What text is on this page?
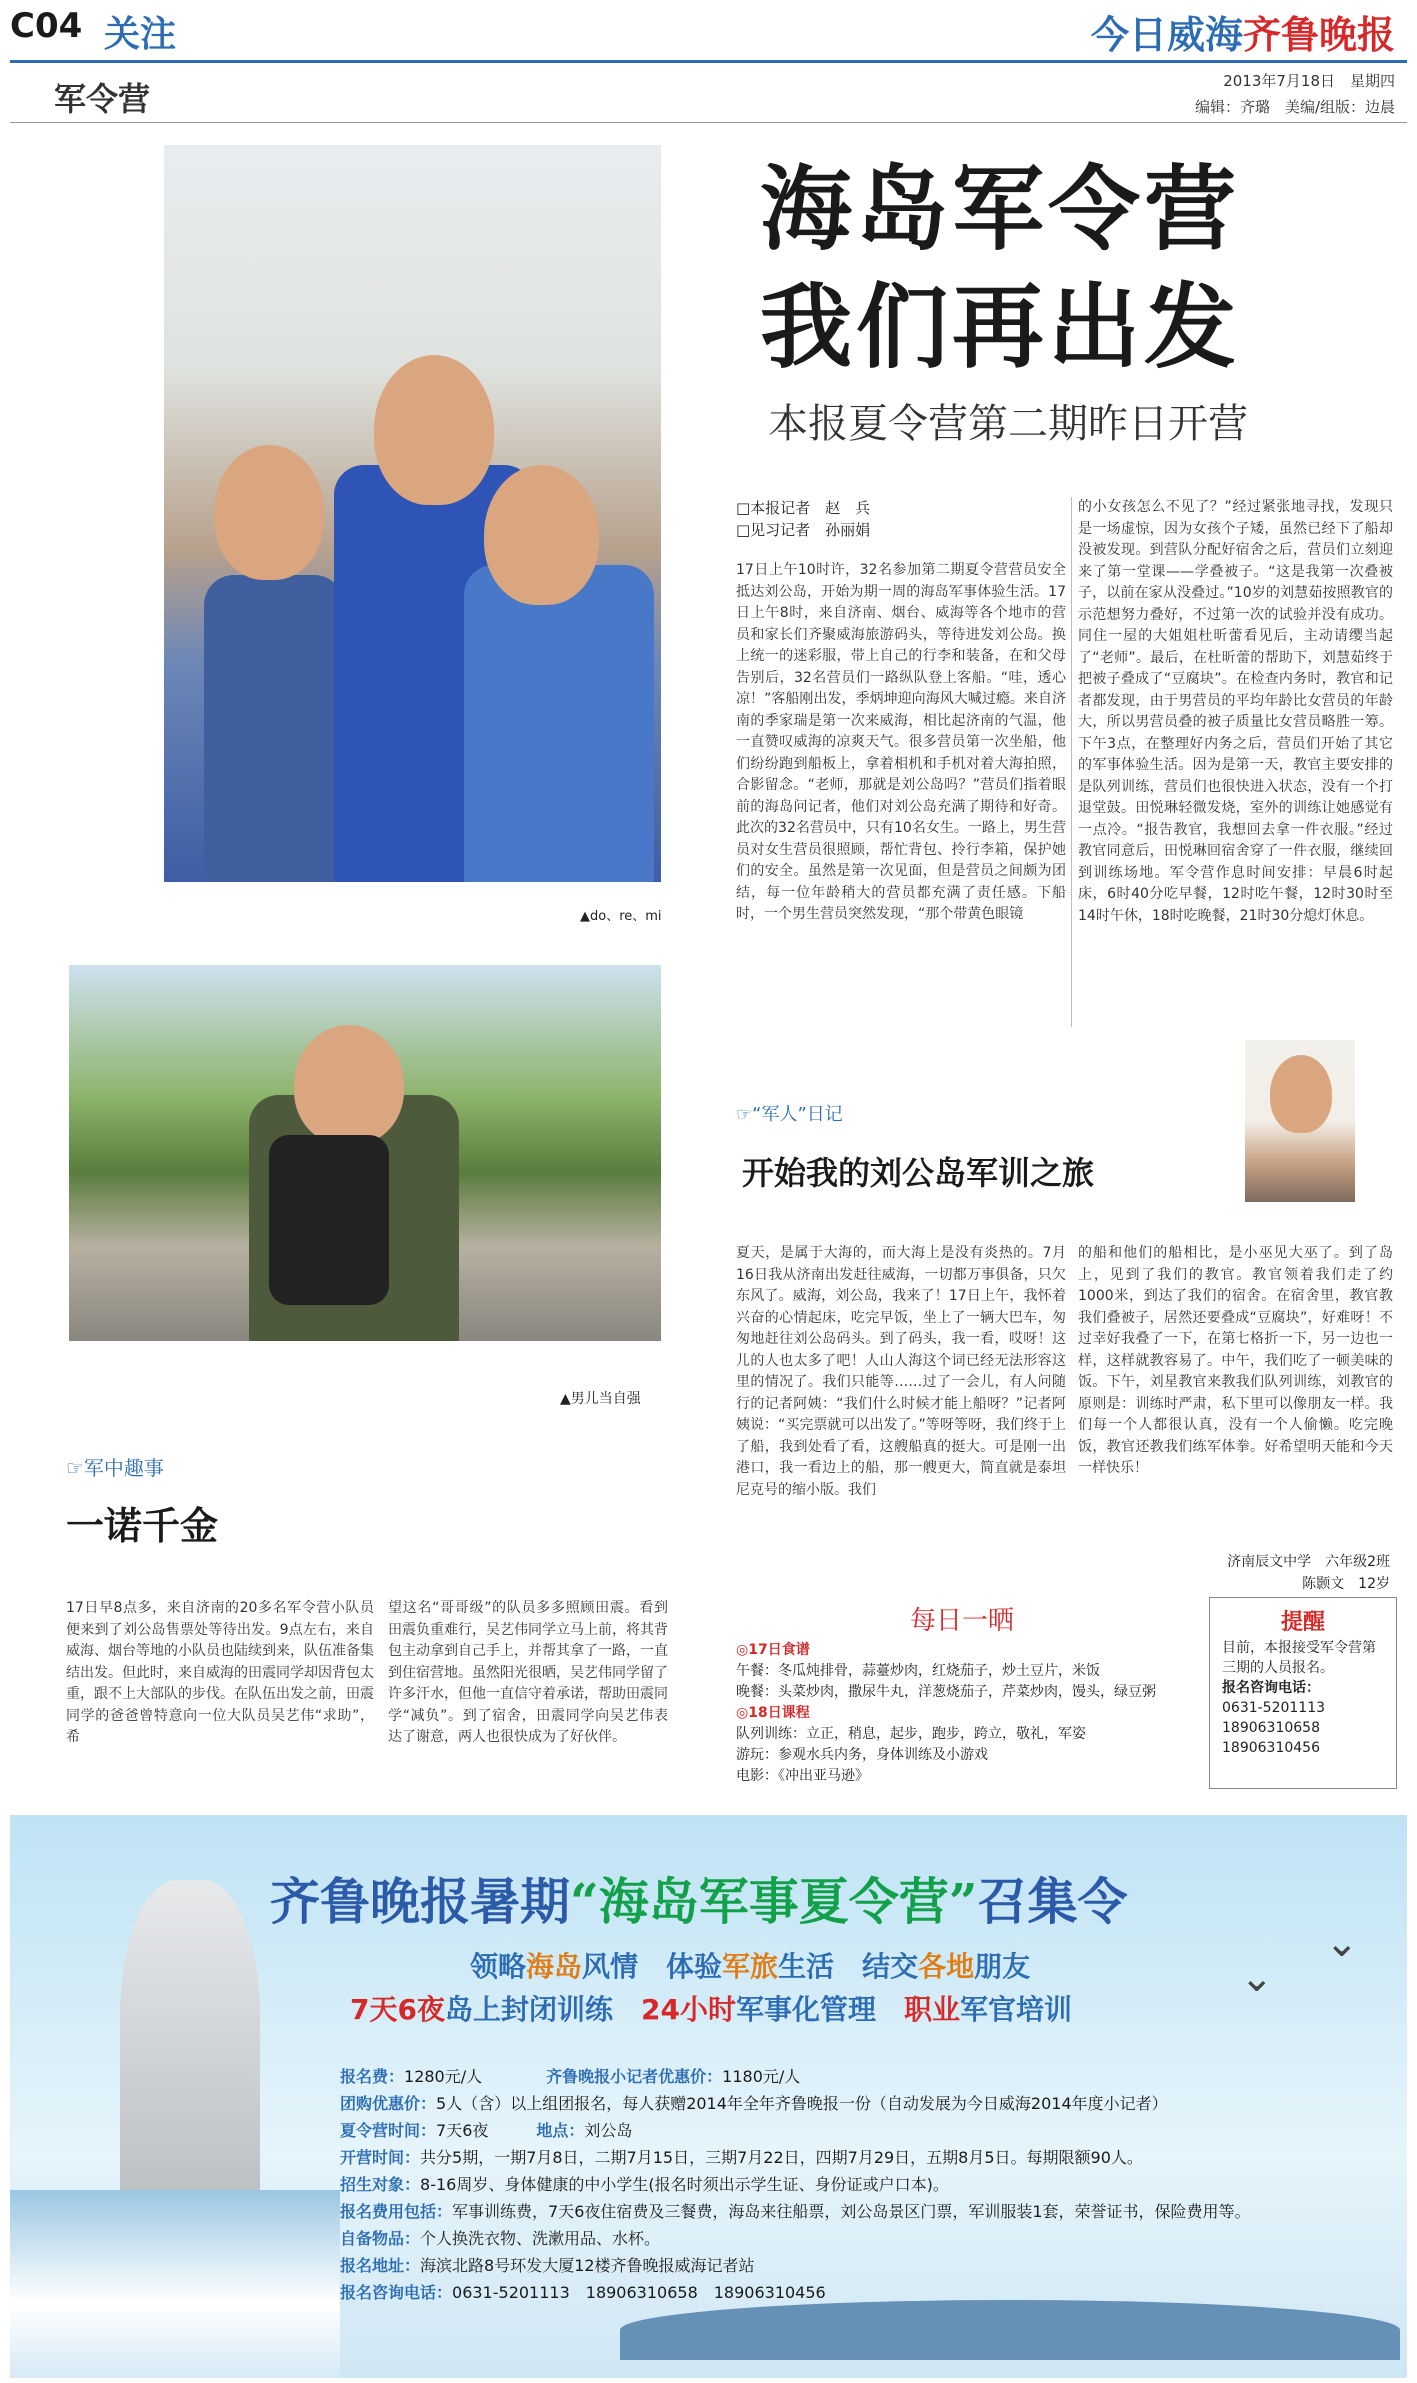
C04 关注	今日威海齐鲁晚报
军令营	2013年7月18日　星期四
编辑：齐璐　美编/组版：边晨
▲do、re、mi
▲男儿当自强
海岛军令营
我们再出发
本报夏令营第二期昨日开营
□本报记者　赵　兵
□见习记者　孙丽娟
17日上午10时许，32名参加第二期夏令营营员安全抵达刘公岛，开始为期一周的海岛军事体验生活。17日上午8时，来自济南、烟台、威海等各个地市的营员和家长们齐聚威海旅游码头，等待进发刘公岛。换上统一的迷彩服，带上自己的行李和装备，在和父母告别后，32名营员们一路纵队登上客船。“哇，透心凉！”客船刚出发，季炳坤迎向海风大喊过瘾。来自济南的季家瑞是第一次来威海，相比起济南的气温，他一直赞叹威海的凉爽天气。很多营员第一次坐船，他们纷纷跑到船板上，拿着相机和手机对着大海拍照，合影留念。“老师，那就是刘公岛吗？”营员们指着眼前的海岛问记者，他们对刘公岛充满了期待和好奇。此次的32名营员中，只有10名女生。一路上，男生营员对女生营员很照顾，帮忙背包、拎行李箱，保护她们的安全。虽然是第一次见面，但是营员之间颇为团结，每一位年龄稍大的营员都充满了责任感。下船时，一个男生营员突然发现，“那个带黄色眼镜
的小女孩怎么不见了？”经过紧张地寻找，发现只是一场虚惊，因为女孩个子矮，虽然已经下了船却没被发现。到营队分配好宿舍之后，营员们立刻迎来了第一堂课——学叠被子。“这是我第一次叠被子，以前在家从没叠过。”10岁的刘慧茹按照教官的示范想努力叠好，不过第一次的试验并没有成功。同住一屋的大姐姐杜昕蕾看见后，主动请缨当起了“老师”。最后，在杜昕蕾的帮助下，刘慧茹终于把被子叠成了“豆腐块”。在检查内务时，教官和记者都发现，由于男营员的平均年龄比女营员的年龄大，所以男营员叠的被子质量比女营员略胜一筹。下午3点，在整理好内务之后，营员们开始了其它的军事体验生活。因为是第一天，教官主要安排的是队列训练，营员们也很快进入状态，没有一个打退堂鼓。田悦琳轻微发烧，室外的训练让她感觉有一点冷。“报告教官，我想回去拿一件衣服。”经过教官同意后，田悦琳回宿舍穿了一件衣服，继续回到训练场地。军令营作息时间安排：早晨6时起床，6时40分吃早餐，12时吃午餐，12时30时至14时午休，18时吃晚餐，21时30分熄灯休息。
☞“军人”日记
开始我的刘公岛军训之旅
夏天，是属于大海的，而大海上是没有炎热的。7月16日我从济南出发赶往威海，一切都万事俱备，只欠东风了。威海，刘公岛，我来了！17日上午，我怀着兴奋的心情起床，吃完早饭，坐上了一辆大巴车，匆匆地赶往刘公岛码头。到了码头，我一看，哎呀！这儿的人也太多了吧！人山人海这个词已经无法形容这里的情况了。我们只能等……过了一会儿，有人问随行的记者阿姨：“我们什么时候才能上船呀？”记者阿姨说：“买完票就可以出发了。”等呀等呀，我们终于上了船，我到处看了看，这艘船真的挺大。可是刚一出港口，我一看边上的船，那一艘更大，简直就是泰坦尼克号的缩小版。我们
的船和他们的船相比，是小巫见大巫了。到了岛上，见到了我们的教官。教官领着我们走了约1000米，到达了我们的宿舍。在宿舍里，教官教我们叠被子，居然还要叠成“豆腐块”，好难呀！不过幸好我叠了一下，在第七格折一下，另一边也一样，这样就教容易了。中午，我们吃了一顿美味的饭。下午，刘星教官来教我们队列训练，刘教官的原则是：训练时严肃，私下里可以像朋友一样。我们每一个人都很认真，没有一个人偷懒。吃完晚饭，教官还教我们练军体拳。好希望明天能和今天一样快乐！
济南辰文中学　六年级2班
陈颢文　12岁
☞军中趣事
一诺千金
17日早8点多，来自济南的20多名军令营小队员便来到了刘公岛售票处等待出发。9点左右，来自威海、烟台等地的小队员也陆续到来，队伍准备集结出发。但此时，来自威海的田震同学却因背包太重，跟不上大部队的步伐。在队伍出发之前，田震同学的爸爸曾特意向一位大队员吴艺伟“求助”，希
望这名“哥哥级”的队员多多照顾田震。看到田震负重难行，吴艺伟同学立马上前，将其背包主动拿到自己手上，并帮其拿了一路，一直到住宿营地。虽然阳光很晒，吴艺伟同学留了许多汗水，但他一直信守着承诺，帮助田震同学“减负”。到了宿舍，田震同学向吴艺伟表达了谢意，两人也很快成为了好伙伴。
每日一晒
◎17日食谱
午餐：冬瓜炖排骨，蒜薹炒肉，红烧茄子，炒土豆片，米饭
晚餐：头菜炒肉，撒尿牛丸，洋葱烧茄子，芹菜炒肉，馒头，绿豆粥
◎18日课程
队列训练：立正，稍息，起步，跑步，跨立，敬礼，军姿
游玩：参观水兵内务，身体训练及小游戏
电影：《冲出亚马逊》
提醒
目前，本报接受军令营第三期的人员报名。
报名咨询电话：
0631-5201113
18906310658
18906310456
⌄
⌄
齐鲁晚报暑期“海岛军事夏令营”召集令
领略海岛风情　体验军旅生活　结交各地朋友
7天6夜岛上封闭训练　24小时军事化管理　职业军官培训
报名费：1280元/人　　　　	齐鲁晚报小记者优惠价：1180元/人
团购优惠价：5人（含）以上组团报名，每人获赠2014年全年齐鲁晚报一份（自动发展为今日威海2014年度小记者）
夏令营时间：7天6夜　　　	地点：刘公岛
开营时间：共分5期，一期7月8日，二期7月15日，三期7月22日，四期7月29日，五期8月5日。每期限额90人。
招生对象：8-16周岁、身体健康的中小学生(报名时须出示学生证、身份证或户口本)。
报名费用包括：军事训练费，7天6夜住宿费及三餐费，海岛来往船票，刘公岛景区门票，军训服装1套，荣誉证书，保险费用等。
自备物品：个人换洗衣物、洗漱用品、水杯。
报名地址：海滨北路8号环发大厦12楼齐鲁晚报威海记者站
报名咨询电话：0631-5201113　18906310658　18906310456
